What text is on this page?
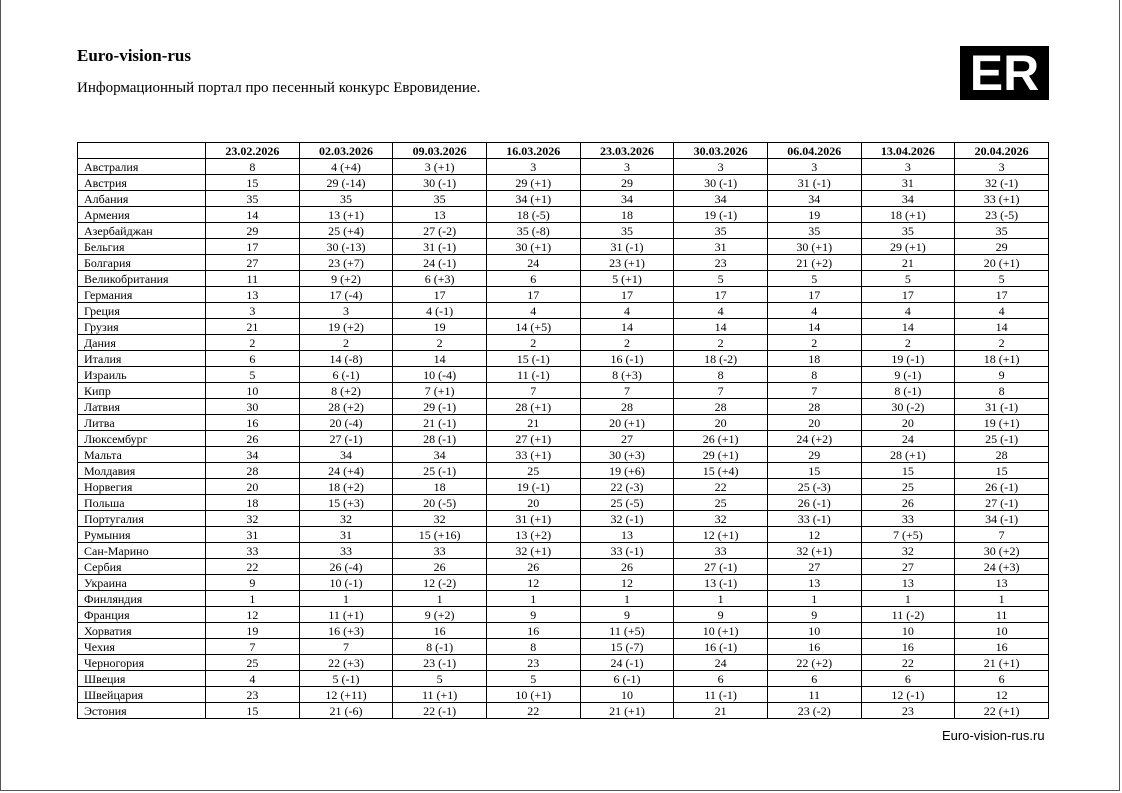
Euro-vision-rus
Информационный портал про песенный конкурс Евровидение.	ER
	23.02.2026	02.03.2026	09.03.2026	16.03.2026	23.03.2026	30.03.2026	06.04.2026	13.04.2026	20.04.2026
Австралия	8	4 (+4)	3 (+1)	3	3	3	3	3	3
Австрия	15	29 (-14)	30 (-1)	29 (+1)	29	30 (-1)	31 (-1)	31	32 (-1)
Албания	35	35	35	34 (+1)	34	34	34	34	33 (+1)
Армения	14	13 (+1)	13	18 (-5)	18	19 (-1)	19	18 (+1)	23 (-5)
Азербайджан	29	25 (+4)	27 (-2)	35 (-8)	35	35	35	35	35
Бельгия	17	30 (-13)	31 (-1)	30 (+1)	31 (-1)	31	30 (+1)	29 (+1)	29
Болгария	27	23 (+7)	24 (-1)	24	23 (+1)	23	21 (+2)	21	20 (+1)
Великобритания	11	9 (+2)	6 (+3)	6	5 (+1)	5	5	5	5
Германия	13	17 (-4)	17	17	17	17	17	17	17
Греция	3	3	4 (-1)	4	4	4	4	4	4
Грузия	21	19 (+2)	19	14 (+5)	14	14	14	14	14
Дания	2	2	2	2	2	2	2	2	2
Италия	6	14 (-8)	14	15 (-1)	16 (-1)	18 (-2)	18	19 (-1)	18 (+1)
Израиль	5	6 (-1)	10 (-4)	11 (-1)	8 (+3)	8	8	9 (-1)	9
Кипр	10	8 (+2)	7 (+1)	7	7	7	7	8 (-1)	8
Латвия	30	28 (+2)	29 (-1)	28 (+1)	28	28	28	30 (-2)	31 (-1)
Литва	16	20 (-4)	21 (-1)	21	20 (+1)	20	20	20	19 (+1)
Люксембург	26	27 (-1)	28 (-1)	27 (+1)	27	26 (+1)	24 (+2)	24	25 (-1)
Мальта	34	34	34	33 (+1)	30 (+3)	29 (+1)	29	28 (+1)	28
Молдавия	28	24 (+4)	25 (-1)	25	19 (+6)	15 (+4)	15	15	15
Норвегия	20	18 (+2)	18	19 (-1)	22 (-3)	22	25 (-3)	25	26 (-1)
Польша	18	15 (+3)	20 (-5)	20	25 (-5)	25	26 (-1)	26	27 (-1)
Португалия	32	32	32	31 (+1)	32 (-1)	32	33 (-1)	33	34 (-1)
Румыния	31	31	15 (+16)	13 (+2)	13	12 (+1)	12	7 (+5)	7
Сан-Марино	33	33	33	32 (+1)	33 (-1)	33	32 (+1)	32	30 (+2)
Сербия	22	26 (-4)	26	26	26	27 (-1)	27	27	24 (+3)
Украина	9	10 (-1)	12 (-2)	12	12	13 (-1)	13	13	13
Финляндия	1	1	1	1	1	1	1	1	1
Франция	12	11 (+1)	9 (+2)	9	9	9	9	11 (-2)	11
Хорватия	19	16 (+3)	16	16	11 (+5)	10 (+1)	10	10	10
Чехия	7	7	8 (-1)	8	15 (-7)	16 (-1)	16	16	16
Черногория	25	22 (+3)	23 (-1)	23	24 (-1)	24	22 (+2)	22	21 (+1)
Швеция	4	5 (-1)	5	5	6 (-1)	6	6	6	6
Швейцария	23	12 (+11)	11 (+1)	10 (+1)	10	11 (-1)	11	12 (-1)	12
Эстония	15	21 (-6)	22 (-1)	22	21 (+1)	21	23 (-2)	23	22 (+1)
Euro-vision-rus.ru
